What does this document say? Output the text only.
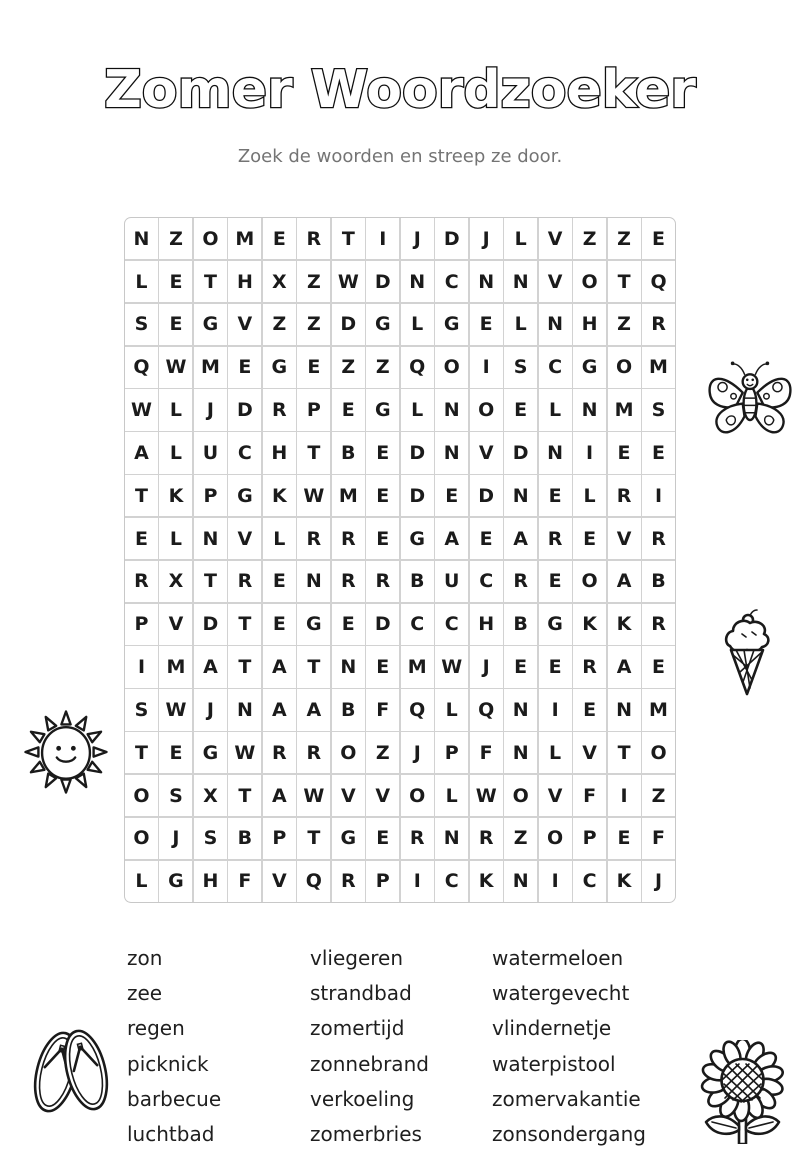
Zomer Woordzoeker

Zoek de woorden en streep ze door.

N	Z	O M E	R	T	I	J	D	J	L	V	Z	Z	E
L	E	T	H	X	Z W D N	C	N N	V	O	T	Q
S	E	G	V	Z	Z	D G	L	G	E	L	N H	Z	R
Q W M E	G	E	Z	Z	Q O	I	S	C	G O M
W L	J	D	R	P	E	G	L	N O	E	L	N M S
A	L	U	C	H	T	B	E	D N	V	D N	I	E	E
T	K	P	G	K W M E	D	E	D N	E	L	R	I
E	L	N	V	L	R	R	E	G	A	E	A	R	E	V	R
R	X	T	R	E	N	R	R	B	U	C	R	E	O	A	B
P	V	D	T	E	G	E	D	C	C	H	B	G	K	K	R
I	M A	T	A	T	N	E M W	J	E	E	R	A	E
S W	J	N	A	A	B	F	Q	L	Q N	I	E	N M
T	E	G W R	R	O	Z	J	P	F	N	L	V	T	O
O	S	X	T	A W V	V	O	L W O	V	F	I	Z
O	J	S	B	P	T	G	E	R	N	R	Z	O	P	E	F
L	G H	F	V	Q	R	P	I	C	K	N	I	C	K	J
zon
zee
regen
picknick
barbecue
luchtbad
vliegeren
strandbad
zomertijd
zonnebrand
verkoeling
zomerbries
watermeloen
watergevecht
vlindernetje
waterpistool
zomervakantie
zonsondergang
